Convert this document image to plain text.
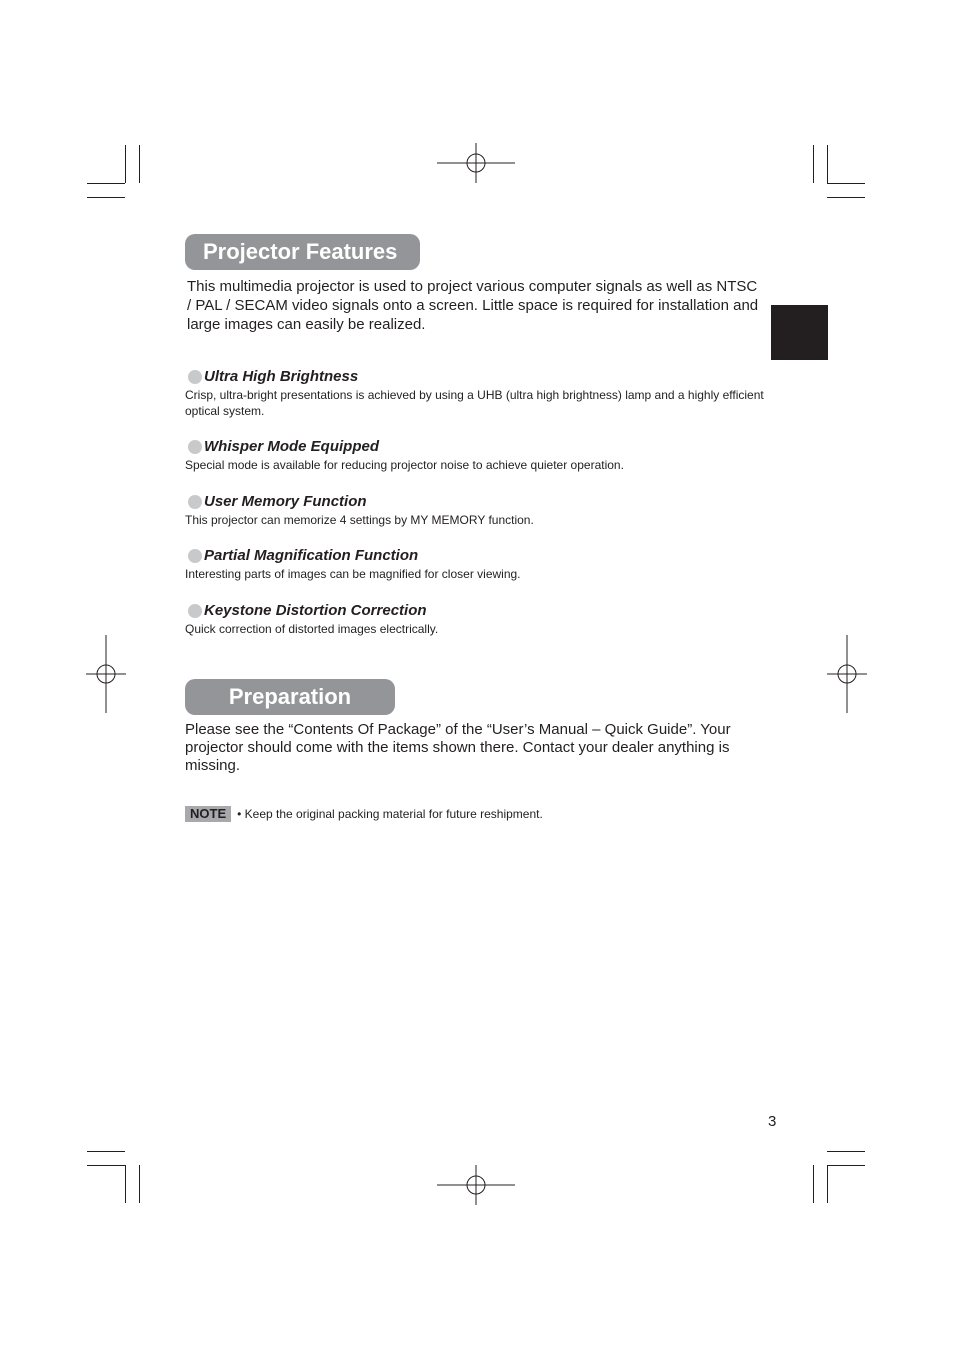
Projector Features
This multimedia projector is used to project various computer signals as well as NTSC / PAL / SECAM video signals onto a screen. Little space is required for installation and large images can easily be realized.
Ultra High Brightness
Crisp, ultra-bright presentations is achieved by using a UHB (ultra high brightness) lamp and a highly efficient optical system.
Whisper Mode Equipped
Special mode is available for reducing projector noise to achieve quieter operation.
User Memory Function
This projector can memorize 4 settings by MY MEMORY function.
Partial Magnification Function
Interesting parts of images can be magnified for closer viewing.
Keystone Distortion Correction
Quick correction of distorted images electrically.
Preparation
Please see the “Contents Of Package” of the “User’s Manual – Quick Guide”. Your projector should come with the items shown there. Contact your dealer anything is missing.
NOTE • Keep the original packing material for future reshipment.
3
